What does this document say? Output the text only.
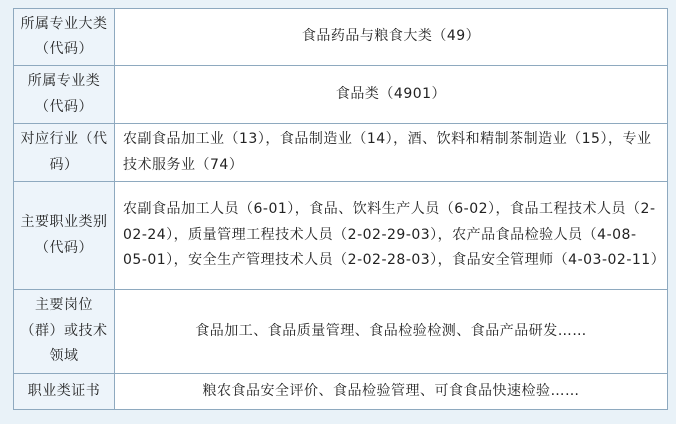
所属专业大类（代码）	食品药品与粮食大类（49）

所属专业类（代码）	食品类（4901）

对应行业（代码）	农副食品加工业（13），食品制造业（14），酒、饮料和精制茶制造业（15），专业技术服务业（74）

主要职业类别（代码）	农副食品加工人员（6-01），食品、饮料生产人员（6-02），食品工程技术人员（2-02-24），质量管理工程技术人员（2-02-29-03），农产品食品检验人员（4-08-05-01），安全生产管理技术人员（2-02-28-03），食品安全管理师（4-03-02-11）

主要岗位（群）或技术领域	食品加工、食品质量管理、食品检验检测、食品产品研发……

职业类证书	粮农食品安全评价、食品检验管理、可食食品快速检验……
